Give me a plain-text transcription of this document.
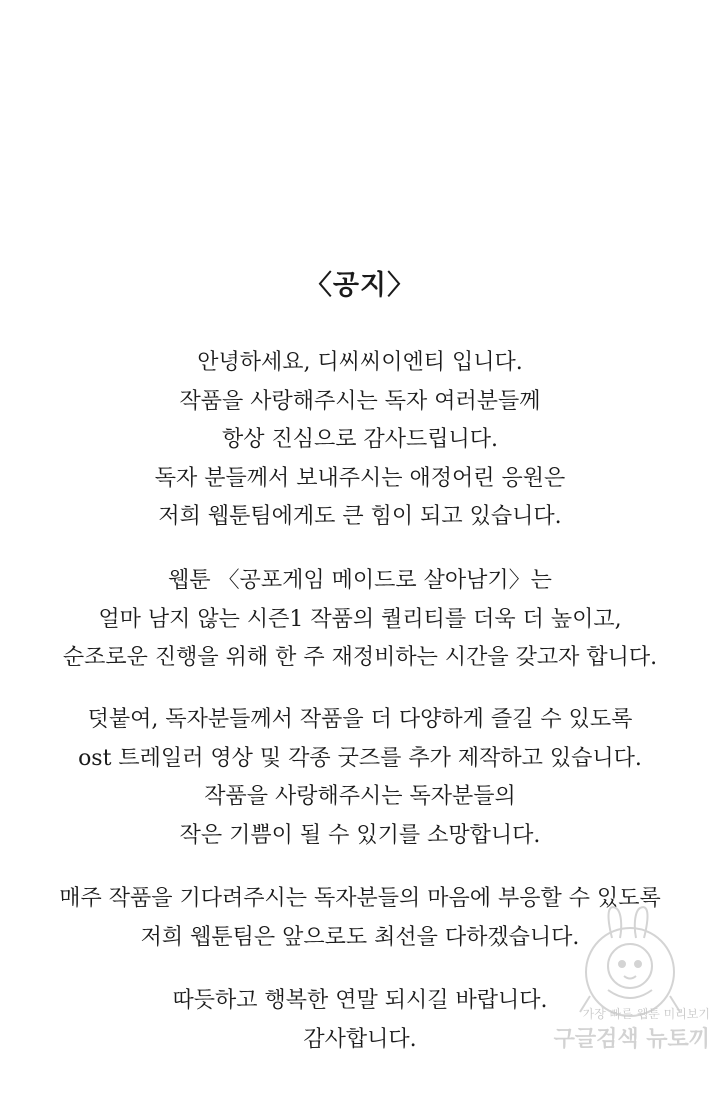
〈공지〉

안녕하세요, 디씨씨이엔티 입니다.
작품을 사랑해주시는 독자 여러분들께
항상 진심으로 감사드립니다.
독자 분들께서 보내주시는 애정어린 응원은
저희 웹툰팀에게도 큰 힘이 되고 있습니다.

웹툰 〈공포게임 메이드로 살아남기〉는
얼마 남지 않는 시즌1 작품의 퀄리티를 더욱 더 높이고,
순조로운 진행을 위해 한 주 재정비하는 시간을 갖고자 합니다.

덧붙여, 독자분들께서 작품을 더 다양하게 즐길 수 있도록
ost 트레일러 영상 및 각종 굿즈를 추가 제작하고 있습니다.
작품을 사랑해주시는 독자분들의
작은 기쁨이 될 수 있기를 소망합니다.

매주 작품을 기다려주시는 독자분들의 마음에 부응할 수 있도록
저희 웹툰팀은 앞으로도 최선을 다하겠습니다.

따듯하고 행복한 연말 되시길 바랍니다.
감사합니다.

가장 빠른 웹툰 미리보기
구글검색 뉴토끼
